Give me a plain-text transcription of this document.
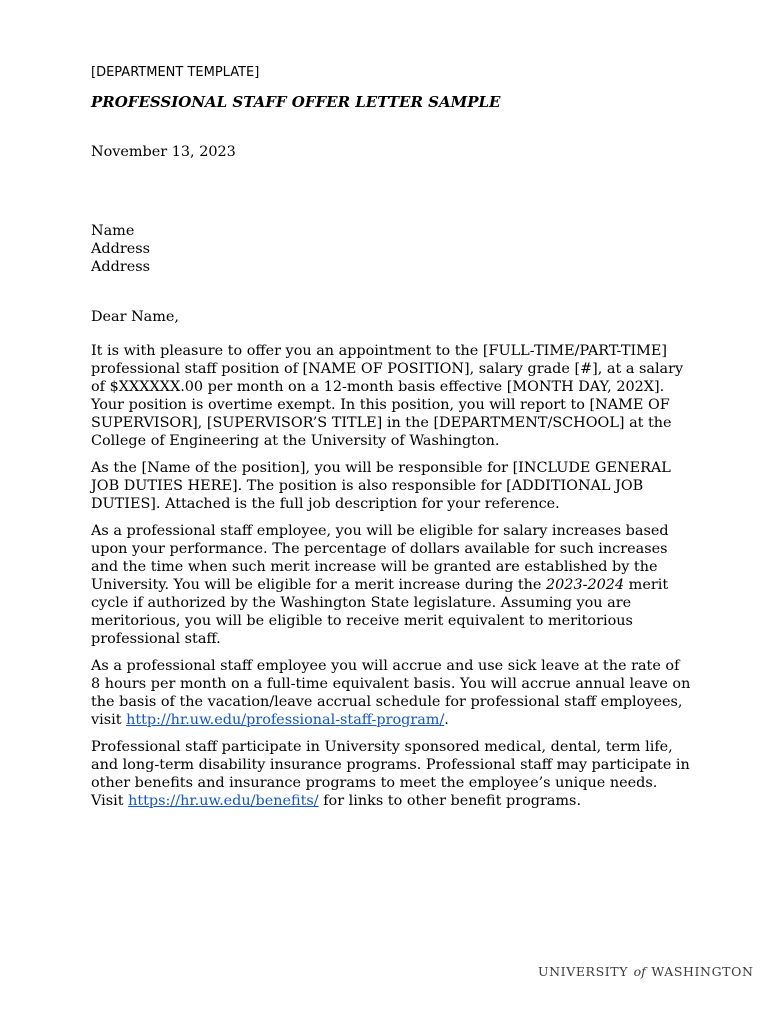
[DEPARTMENT TEMPLATE]
PROFESSIONAL STAFF OFFER LETTER SAMPLE
November 13, 2023
Name
Address
Address
Dear Name,

It is with pleasure to offer you an appointment to the [FULL-TIME/PART-TIME] professional staff position of [NAME OF POSITION], salary grade [#], at a salary of $XXXXXX.00 per month on a 12-month basis effective [MONTH DAY, 202X]. Your position is overtime exempt. In this position, you will report to [NAME OF SUPERVISOR], [SUPERVISOR’S TITLE] in the [DEPARTMENT/SCHOOL] at the College of Engineering at the University of Washington.

As the [Name of the position], you will be responsible for [INCLUDE GENERAL JOB DUTIES HERE]. The position is also responsible for [ADDITIONAL JOB DUTIES]. Attached is the full job description for your reference.

As a professional staff employee, you will be eligible for salary increases based upon your performance. The percentage of dollars available for such increases and the time when such merit increase will be granted are established by the University. You will be eligible for a merit increase during the 2023-2024 merit cycle if authorized by the Washington State legislature. Assuming you are meritorious, you will be eligible to receive merit equivalent to meritorious professional staff.

As a professional staff employee you will accrue and use sick leave at the rate of 8 hours per month on a full-time equivalent basis. You will accrue annual leave on the basis of the vacation/leave accrual schedule for professional staff employees, visit http://hr.uw.edu/professional-staff-program/.

Professional staff participate in University sponsored medical, dental, term life, and long-term disability insurance programs. Professional staff may participate in other benefits and insurance programs to meet the employee’s unique needs. Visit https://hr.uw.edu/benefits/ for links to other benefit programs.

UNIVERSITY of WASHINGTON
